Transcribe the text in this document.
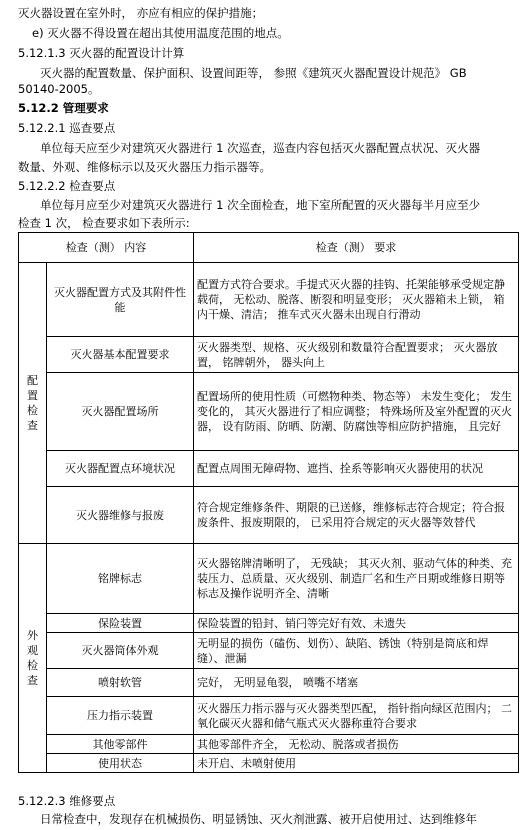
灭火器设置在室外时， 亦应有相应的保护措施；
e) 灭火器不得设置在超出其使用温度范围的地点。
5.12.1.3 灭火器的配置设计计算
灭火器的配置数量、保护面积、设置间距等， 参照《建筑灭火器配置设计规范》 GB
50140-2005。
5.12.2 管理要求
5.12.2.1 巡查要点
单位每天应至少对建筑灭火器进行 1 次巡查，巡查内容包括灭火器配置点状况、灭火器
数量、外观、维修标示以及灭火器压力指示器等。
5.12.2.2 检查要点
单位每月应至少对建筑灭火器进行 1 次全面检查，地下室所配置的灭火器每半月应至少
检查 1 次， 检查要求如下表所示:
检查（测） 内容		检查（测） 要求

配置检查	灭火器配置方式及其附件性能	配置方式符合要求。手提式灭火器的挂钩、托架能够承受规定静载荷， 无松动、脱落、断裂和明显变形； 灭火器箱未上锁， 箱内干燥、清洁； 推车式灭火器未出现自行滑动
	灭火器基本配置要求	灭火器类型、规格、灭火级别和数量符合配置要求； 灭火器放置， 铭牌朝外， 器头向上
	灭火器配置场所	配置场所的使用性质（可燃物种类、物态等） 未发生变化； 发生变化的， 其灭火器进行了相应调整； 特殊场所及室外配置的灭火器， 设有防雨、防晒、防潮、防腐蚀等相应防护措施， 且完好
	灭火器配置点环境状况	配置点周围无障碍物、遮挡、拴系等影响灭火器使用的状况
	灭火器维修与报废	符合规定维修条件、期限的已送修，维修标志符合规定；符合报废条件、报废期限的， 已采用符合规定的灭火器等效替代

外观检查	铭牌标志	灭火器铭牌清晰明了， 无残缺； 其灭火剂、驱动气体的种类、充装压力、总质量、灭火级别、制造厂名和生产日期或维修日期等标志及操作说明齐全、清晰
	保险装置	保险装置的铅封、销闩等完好有效、未遗失
	灭火器筒体外观	无明显的损伤（磕伤、划伤）、缺陷、锈蚀（特别是筒底和焊缝）、泄漏
	喷射软管	完好， 无明显龟裂， 喷嘴不堵塞
	压力指示装置	灭火器压力指示器与灭火器类型匹配， 指针指向绿区范围内； 二氧化碳灭火器和储气瓶式灭火器称重符合要求
	其他零部件	其他零部件齐全， 无松动、脱落或者损伤
	使用状态	未开启、未喷射使用
5.12.2.3 维修要点
日常检查中，发现存在机械损伤、明显锈蚀、灭火剂泄露、被开启使用过、达到维修年
